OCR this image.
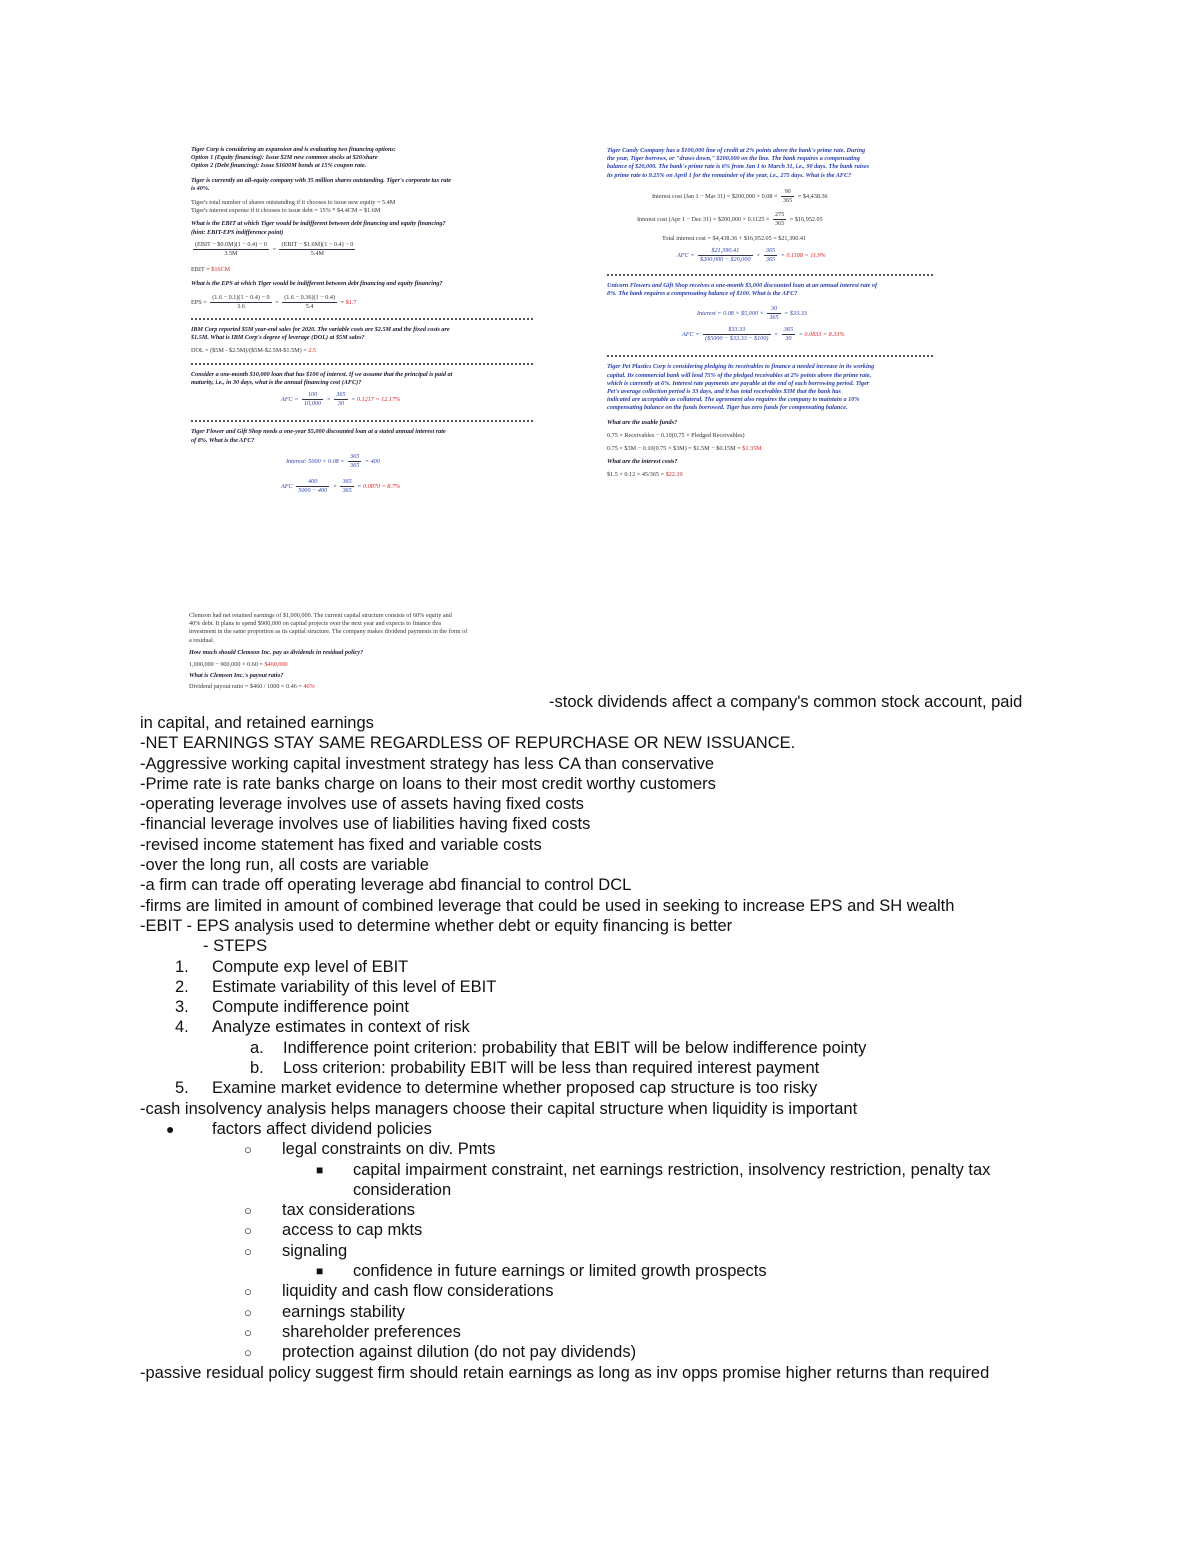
Tiger Corp is considering an expansion and is evaluating two financing options:

Option 1 (Equity financing): Issue $2M new common stocks at $20/share

Option 2 (Debt financing): Issue $1600M bonds at 15% coupon rate.

Tiger is currently an all-equity company with 35 million shares outstanding. Tiger's corporate tax rate

is 40%.

Tiger's total number of shares outstanding if it chooses to issue new equity = 5.4M

Tiger's interest expense if it chooses to issue debt = 15% * $4.4CM = $1.6M

What is the EBIT at which Tiger would be indifferent between debt financing and equity financing?

(hint: EBIT-EPS indifference point)

$\frac{\text{(EBIT − \$0.0M)(1 − 0.4) − 0}}{3.5M} = \frac{\text{(EBIT − \$1.6M)(1 − 0.4) − 0}}{5.4M}$

EBIT = $16CM

What is the EPS at which Tiger would be indifferent between debt financing and equity financing?

EPS = $\frac{(1.6 - 0.1)(1 - 0.4) - 0}{3.6} = \frac{(1.6 - 0.36)(1 - 0.4)}{5.4}$ = $1.7

IBM Corp reported $5M year-end sales for 2020. The variable costs are $2.5M and the fixed costs are

$1.5M. What is IBM Corp's degree of leverage (DOL) at $5M sales?

DOL = ($5M - $2.5M)/($5M-$2.5M-$1.5M) = 2.5

Consider a one-month $10,000 loan that has $100 of interest. If we assume that the principal is paid at

maturity, i.e., in 30 days, what is the annual financing cost (AFC)?

AFC = $\frac{100}{10,000} \times \frac{365}{30} = 0.1217 = 12.17\%$

Tiger Flower and Gift Shop needs a one-year $5,000 discounted loan at a stated annual interest rate

of 8%. What is the AFC?

Interest: $5000 \times 0.08 \times \frac{365}{365} = 400$

AFC $\frac{400}{5000 - 400} \times \frac{365}{365} = 0.0870 = 8.7\%$

Tiger Candy Company has a $100,000 line of credit at 2% points above the bank's prime rate. During

the year, Tiger borrows, or "draws down," $200,000 on the line. The bank requires a compensating

balance of $20,000. The bank's prime rate is 6% from Jan 1 to March 31, i.e., 90 days. The bank raises

its prime rate to 9.25% on April 1 for the remainder of the year, i.e., 275 days. What is the AFC?

Interest cost (Jan 1 − Mar 31) = $200,000 × $0.08 \times \frac{90}{365}$ = $4,438.36

Interest cost (Apr 1 − Dec 31) = $200,000 × $0.1125 \times \frac{275}{365}$ = $16,952.05

Total interest cost = $4,438.36 + $16,952.05 = $21,390.41

AFC = $\frac{\$21,390.41}{\$200,000 - \$20,000} \times \frac{365}{365} = 0.1188 = 11.9\%$

Unicorn Flowers and Gift Shop receives a one-month $5,000 discounted loan at an annual interest rate of

8%. The bank requires a compensating balance of $100. What is the AFC?

Interest = 0.08 × $5,000 × $\frac{30}{365}$ = $33.33

AFC = $\frac{\$33.33}{(\$5000 - \$33.33 - \$100)} \times \frac{365}{30} = 0.0833 = 8.33\%$

Tiger Pet Plastics Corp is considering pledging its receivables to finance a needed increase in its working

capital. Its commercial bank will lend 75% of the pledged receivables at 2% points above the prime rate,

which is currently at 6%. Interest rate payments are payable at the end of each borrowing period. Tiger

Pet's average collection period is 33 days, and it has total receivables $3M that the bank has

indicated are acceptable as collateral. The agreement also requires the company to maintain a 10%

compensating balance on the funds borrowed. Tiger has zero funds for compensating balance.

What are the usable funds?

0.75 × Receivables − 0.10(0.75 × Pledged Receivables)

0.75 × $3M − 0.10(0.75 × $3M) = $1.5M − $0.15M = $1.35M

What are the interest costs?

$1.5 × 0.12 × 45/365 = $22.19

Clemson had net retained earnings of $1,000,000. The current capital structure consists of 60% equity and

40% debt. It plans to spend $900,000 on capital projects over the next year and expects to finance this

investment in the same proportion as its capital structure. The company makes dividend payments in the form of

a residual.

How much should Clemson Inc. pay as dividends in residual policy?

1,000,000 − 900,000 × 0.60 = $460,000

What is Clemson Inc.'s payout ratio?

Dividend payout ratio = $460 / 1000 = 0.46 = 46%

-stock dividends affect a company's common stock account, paid
in capital, and retained earnings
-NET EARNINGS STAY SAME REGARDLESS OF REPURCHASE OR NEW ISSUANCE.
-Aggressive working capital investment strategy has less CA than conservative
-Prime rate is rate banks charge on loans to their most credit worthy customers
-operating leverage involves use of assets having fixed costs
-financial leverage involves use of liabilities having fixed costs
-revised income statement has fixed and variable costs
-over the long run, all costs are variable
-a firm can trade off operating leverage abd financial to control DCL
-firms are limited in amount of combined leverage that could be used in seeking to increase EPS and SH wealth
-EBIT - EPS analysis used to determine whether debt or equity financing is better
- STEPS
1. Compute exp level of EBIT
2. Estimate variability of this level of EBIT
3. Compute indifference point
4. Analyze estimates in context of risk
a. Indifference point criterion: probability that EBIT will be below indifference pointy
b. Loss criterion: probability EBIT will be less than required interest payment
5. Examine market evidence to determine whether proposed cap structure is too risky
-cash insolvency analysis helps managers choose their capital structure when liquidity is important
● factors affect dividend policies
○ legal constraints on div. Pmts
■ capital impairment constraint, net earnings restriction, insolvency restriction, penalty tax consideration
○ tax considerations
○ access to cap mkts
○ signaling
■ confidence in future earnings or limited growth prospects
○ liquidity and cash flow considerations
○ earnings stability
○ shareholder preferences
○ protection against dilution (do not pay dividends)
-passive residual policy suggest firm should retain earnings as long as inv opps promise higher returns than required
